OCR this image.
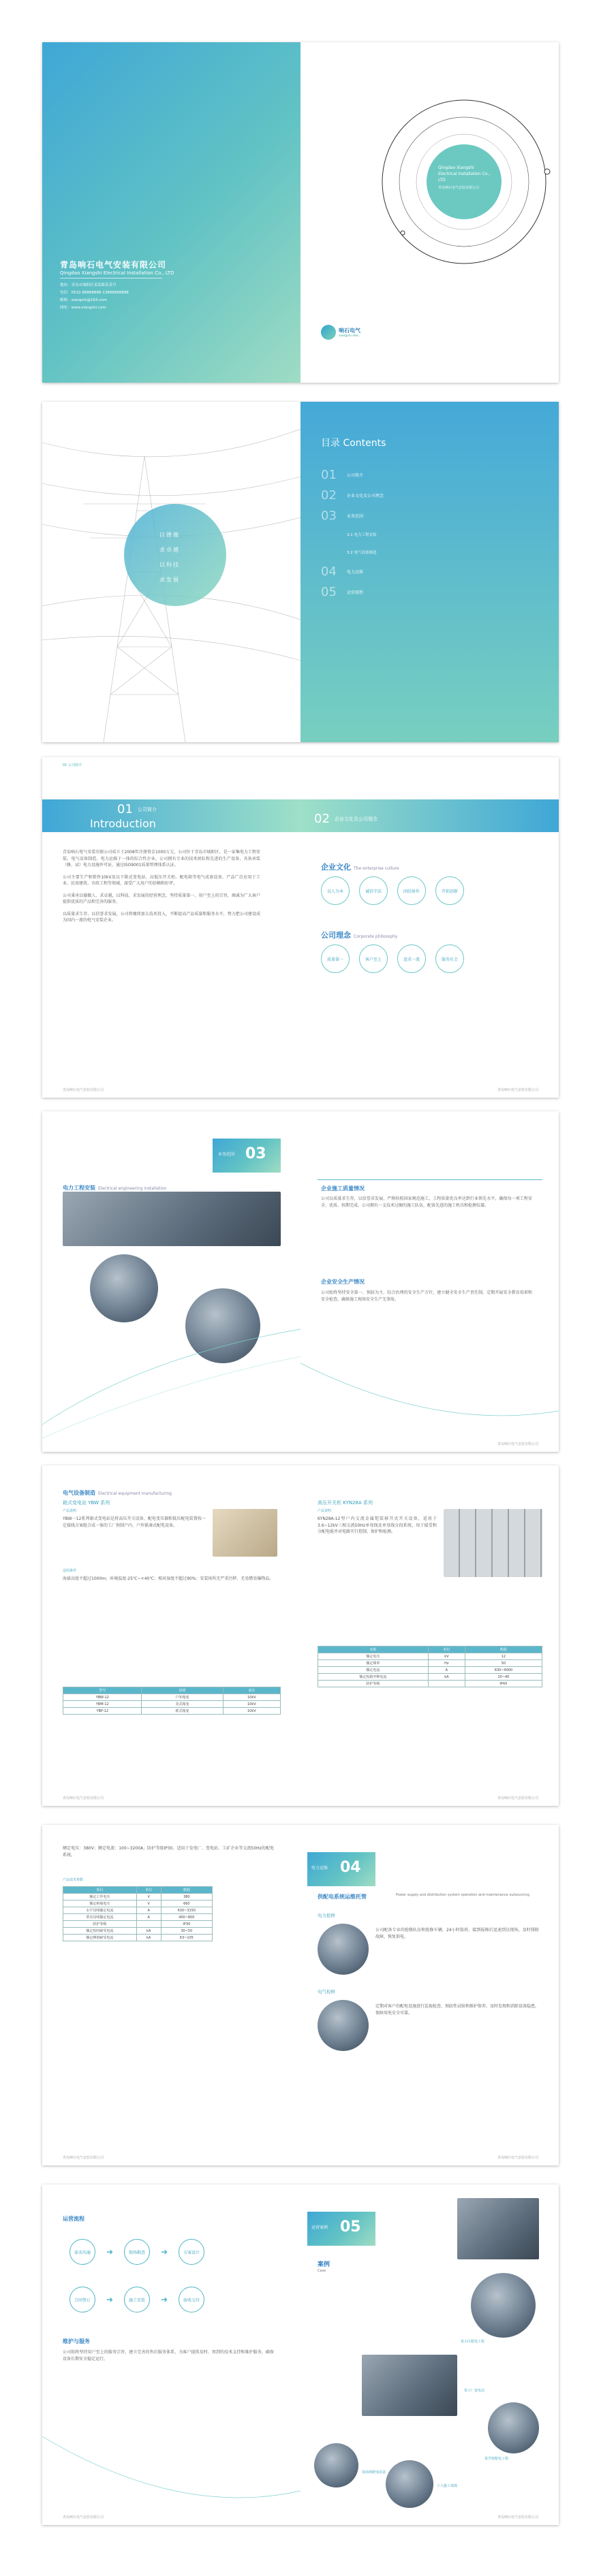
青岛响石电气安装有限公司
Qingdao Xiangshi Electrical Installation Co., LTD
地址：青岛市城阳区某某路某某号
电话：0532-88888888 13888888888
邮箱：xiangshi@163.com
网址：www.xiangshi.com
Qingdao Xiangshi Electrical Installation Co., LTD
青岛响石电气安装有限公司
响石电气
xiangshi elec.
以德做
求卓越
以科技
求发展
目录 Contents
01	公司简介
02	企业文化及公司理念
03	业务范围
3.1 电力工程安装
3.2 电气设备制造
04	电力运维
05	运营流程
01 公司简介
01 公司简介
Introduction

青岛响石电气安装有限公司成立于2008年注册资金1000万元，公司位于青岛市城阳区，是一家集电力工程安装、电气设备制造、电力运维于一体的综合性企业。公司拥有专业的技术团队和先进的生产设备，具备承装（修、试）电力设施许可证，通过ISO9001质量管理体系认证。

公司主要生产和销售10kV及以下箱式变电站、高低压开关柜、配电箱等电气成套设备，产品广泛应用于工业、民用建筑、市政工程等领域，深受广大用户的信赖和好评。

公司秉承以德做人、求卓越，以科技、求发展的经营理念，坚持质量第一、用户至上的宗旨，竭诚为广大客户提供优质的产品和完善的服务。

以质量求生存，以信誉求发展，公司将继续加大技术投入，不断提高产品质量和服务水平，努力把公司建设成为国内一流的电气安装企业。

青岛响石电气安装有限公司
02 企业文化及公司理念
企业文化 The enterprise culture
以人为本	诚信守法	团结协作	开拓创新
公司理念 Corporate philosophy
质量第一	客户至上	追求一流	服务社会
青岛响石电气安装有限公司
业务范围 03
电力工程安装 Electrical engineering installation	企业施工质量情况
公司以质量求生存，以信誉求发展，严格按照国家规范施工，工程质量优良率达到行业领先水平，确保每一项工程安全、优质、按期完成。公司拥有一支技术过硬的施工队伍，配备先进的施工机具和检测仪器。
企业安全生产情况
公司始终坚持安全第一、预防为主、综合治理的安全生产方针，建立健全安全生产责任制，定期开展安全教育培训和安全检查，确保施工现场安全生产无事故。
青岛响石电气安装有限公司
电气设备制造 Electrical equipment manufacturing
箱式变电站 YBW 系列
产品说明
YBW一12系列箱式变电站是将高压开关设备、配电变压器和低压配电装置按一定接线方案组合成一体的工厂预制户内、户外紧凑式配电设备。
适用条件
海拔高度不超过1000m；环境温度-25℃~+40℃；相对湿度不超过90%；安装场所无严重污秽、无易燃易爆物品。
型号	说明	备注
YBW-12	户外箱变	10kV
YBM-12	美式箱变	10kV
YBP-12	欧式箱变	10kV
青岛响石电气安装有限公司
高压开关柜 KYN28A 系列
产品说明
KYN28A-12型户内交流金属铠装移开式开关设备，适用于3.6~12kV三相交流50Hz单母线及单母线分段系统，用于接受和分配电能并对电路实行控制、保护和检测。
名称	单位	数据
额定电压	kV	12
额定频率	Hz	50
额定电流	A	630~4000
额定短路开断电流	kA	20~40
防护等级		IP4X
青岛响石电气安装有限公司
额定电压：380V；额定电流：100~3200A；防护等级IP30。适用于发电厂、变电站、工矿企业等交流50Hz的配电系统。
产品技术参数
项目	单位	数据
额定工作电压	V	380
额定绝缘电压	V	660
水平母线额定电流	A	630~3150
垂直母线额定电流	A	400~800
防护等级		IP30
额定短时耐受电流	kA	30~50
额定峰值耐受电流	kA	63~105
青岛响石电气安装有限公司
电力运维 04
供配电系统运维托管	Power supply and distribution system operation and maintenance outsourcing
电力抢修
公司配备专业的抢修队伍和抢修车辆，24小时值班，接到报修后迅速到达现场，及时排除故障，恢复供电。
电气检修
定期对客户的配电设施进行巡视检查、预防性试验和维护保养，及时发现和消除设备隐患，保障用电安全可靠。
青岛响石电气安装有限公司
运营流程
需求沟通	➜	现场勘查	➜	方案设计
合同签订	➜	施工安装	➜	验收交付
维护与服务
公司始终坚持用户至上的服务宗旨，建立完善的售后服务体系，为客户提供及时、周到的技术支持和维护服务，确保设备长期安全稳定运行。
青岛响石电气安装有限公司
运营案例 05
案例
Case
某小区配电工程
某工厂变电站
某学校配电工程
某商场配电改造
工人施工现场
青岛响石电气安装有限公司
